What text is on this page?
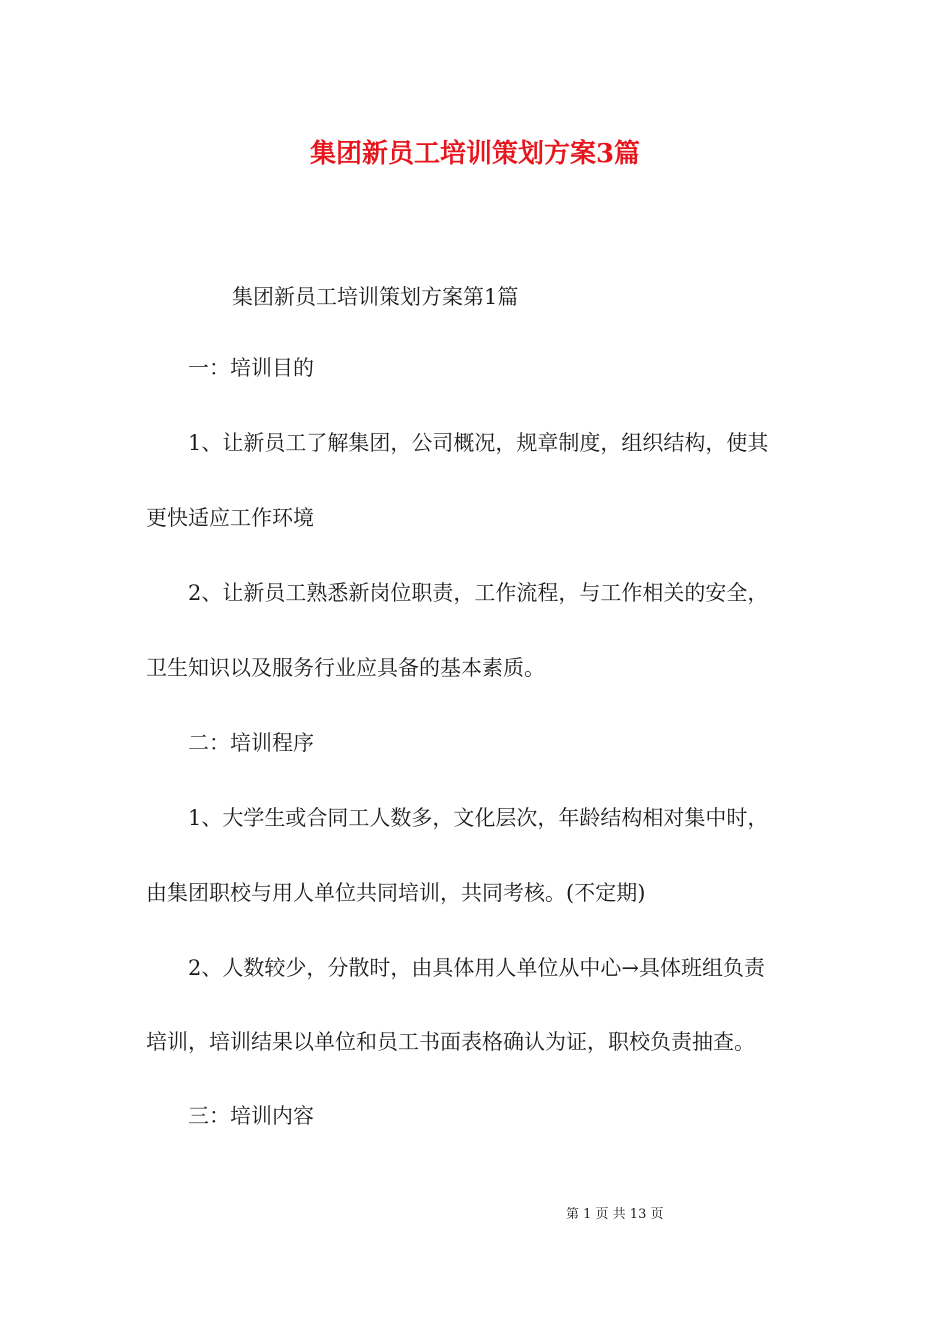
集团新员工培训策划方案3篇
集团新员工培训策划方案第1篇
一：培训目的
1、让新员工了解集团，公司概况，规章制度，组织结构，使其
更快适应工作环境
2、让新员工熟悉新岗位职责，工作流程，与工作相关的安全，
卫生知识以及服务行业应具备的基本素质。
二：培训程序
1、大学生或合同工人数多，文化层次，年龄结构相对集中时，
由集团职校与用人单位共同培训，共同考核。(不定期)
2、人数较少，分散时，由具体用人单位从中心→具体班组负责
培训，培训结果以单位和员工书面表格确认为证，职校负责抽查。
三：培训内容
第 1 页 共 13 页
